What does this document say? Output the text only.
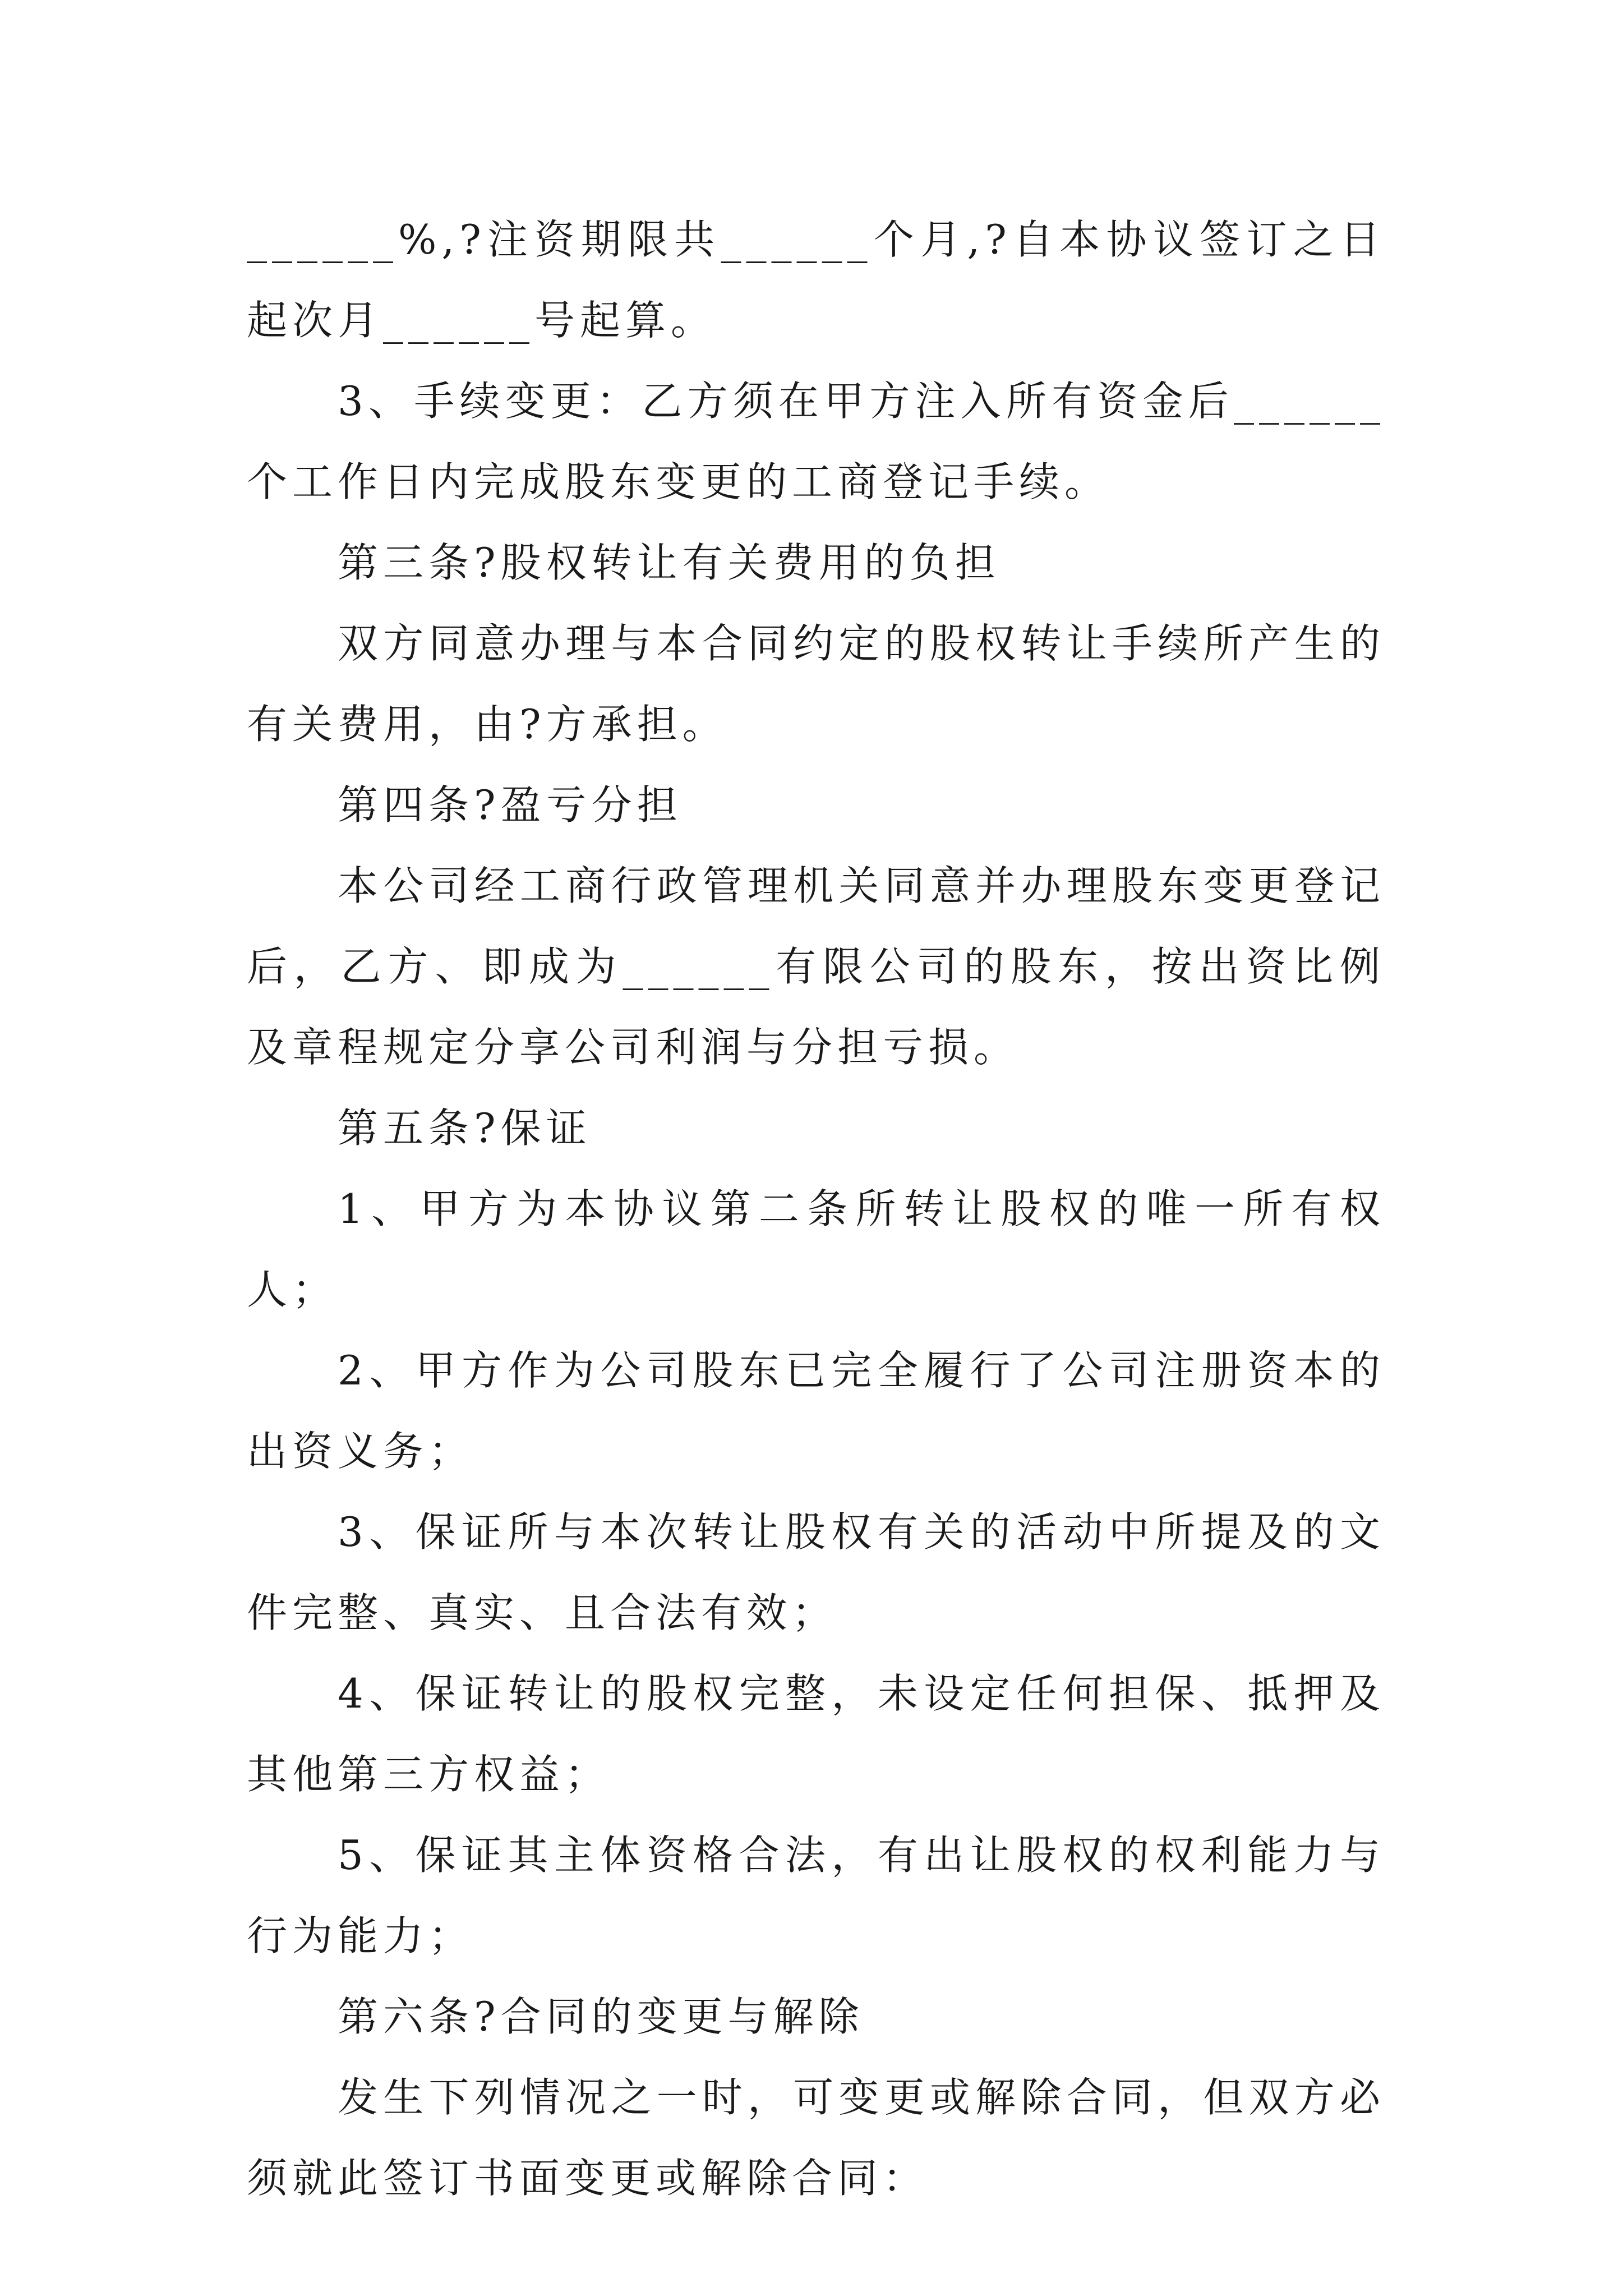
______%,?注资期限共______个月,?自本协议签订之日起次月______号起算。

3、手续变更：乙方须在甲方注入所有资金后______个工作日内完成股东变更的工商登记手续。

第三条?股权转让有关费用的负担

双方同意办理与本合同约定的股权转让手续所产生的有关费用，由?方承担。

第四条?盈亏分担

本公司经工商行政管理机关同意并办理股东变更登记后，乙方、即成为______有限公司的股东，按出资比例及章程规定分享公司利润与分担亏损。

第五条?保证

1、甲方为本协议第二条所转让股权的唯一所有权人；

2、甲方作为公司股东已完全履行了公司注册资本的出资义务；

3、保证所与本次转让股权有关的活动中所提及的文件完整、真实、且合法有效；

4、保证转让的股权完整，未设定任何担保、抵押及其他第三方权益；

5、保证其主体资格合法，有出让股权的权利能力与行为能力；

第六条?合同的变更与解除

发生下列情况之一时，可变更或解除合同，但双方必须就此签订书面变更或解除合同：
